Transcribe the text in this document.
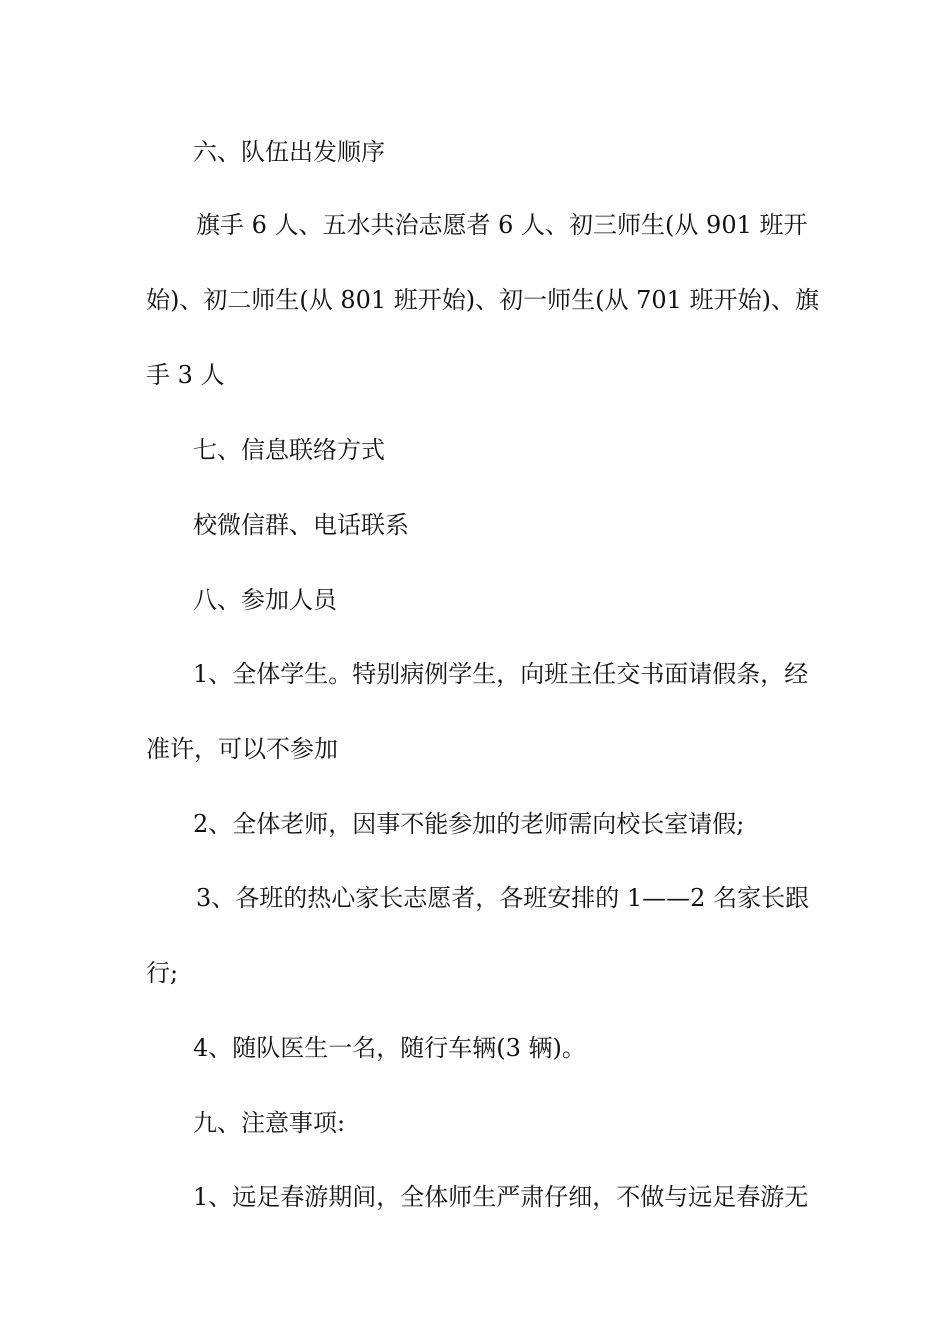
六、队伍出发顺序
旗手 6 人、五水共治志愿者 6 人、初三师生(从 901 班开
始)、初二师生(从 801 班开始)、初一师生(从 701 班开始)、旗
手 3 人
七、信息联络方式
校微信群、电话联系
八、参加人员
1、全体学生。特别病例学生，向班主任交书面请假条，经
准许，可以不参加
2、全体老师，因事不能参加的老师需向校长室请假;
3、各班的热心家长志愿者，各班安排的 1——2 名家长跟
行;
4、随队医生一名，随行车辆(3 辆)。
九、注意事项:
1、远足春游期间，全体师生严肃仔细，不做与远足春游无
